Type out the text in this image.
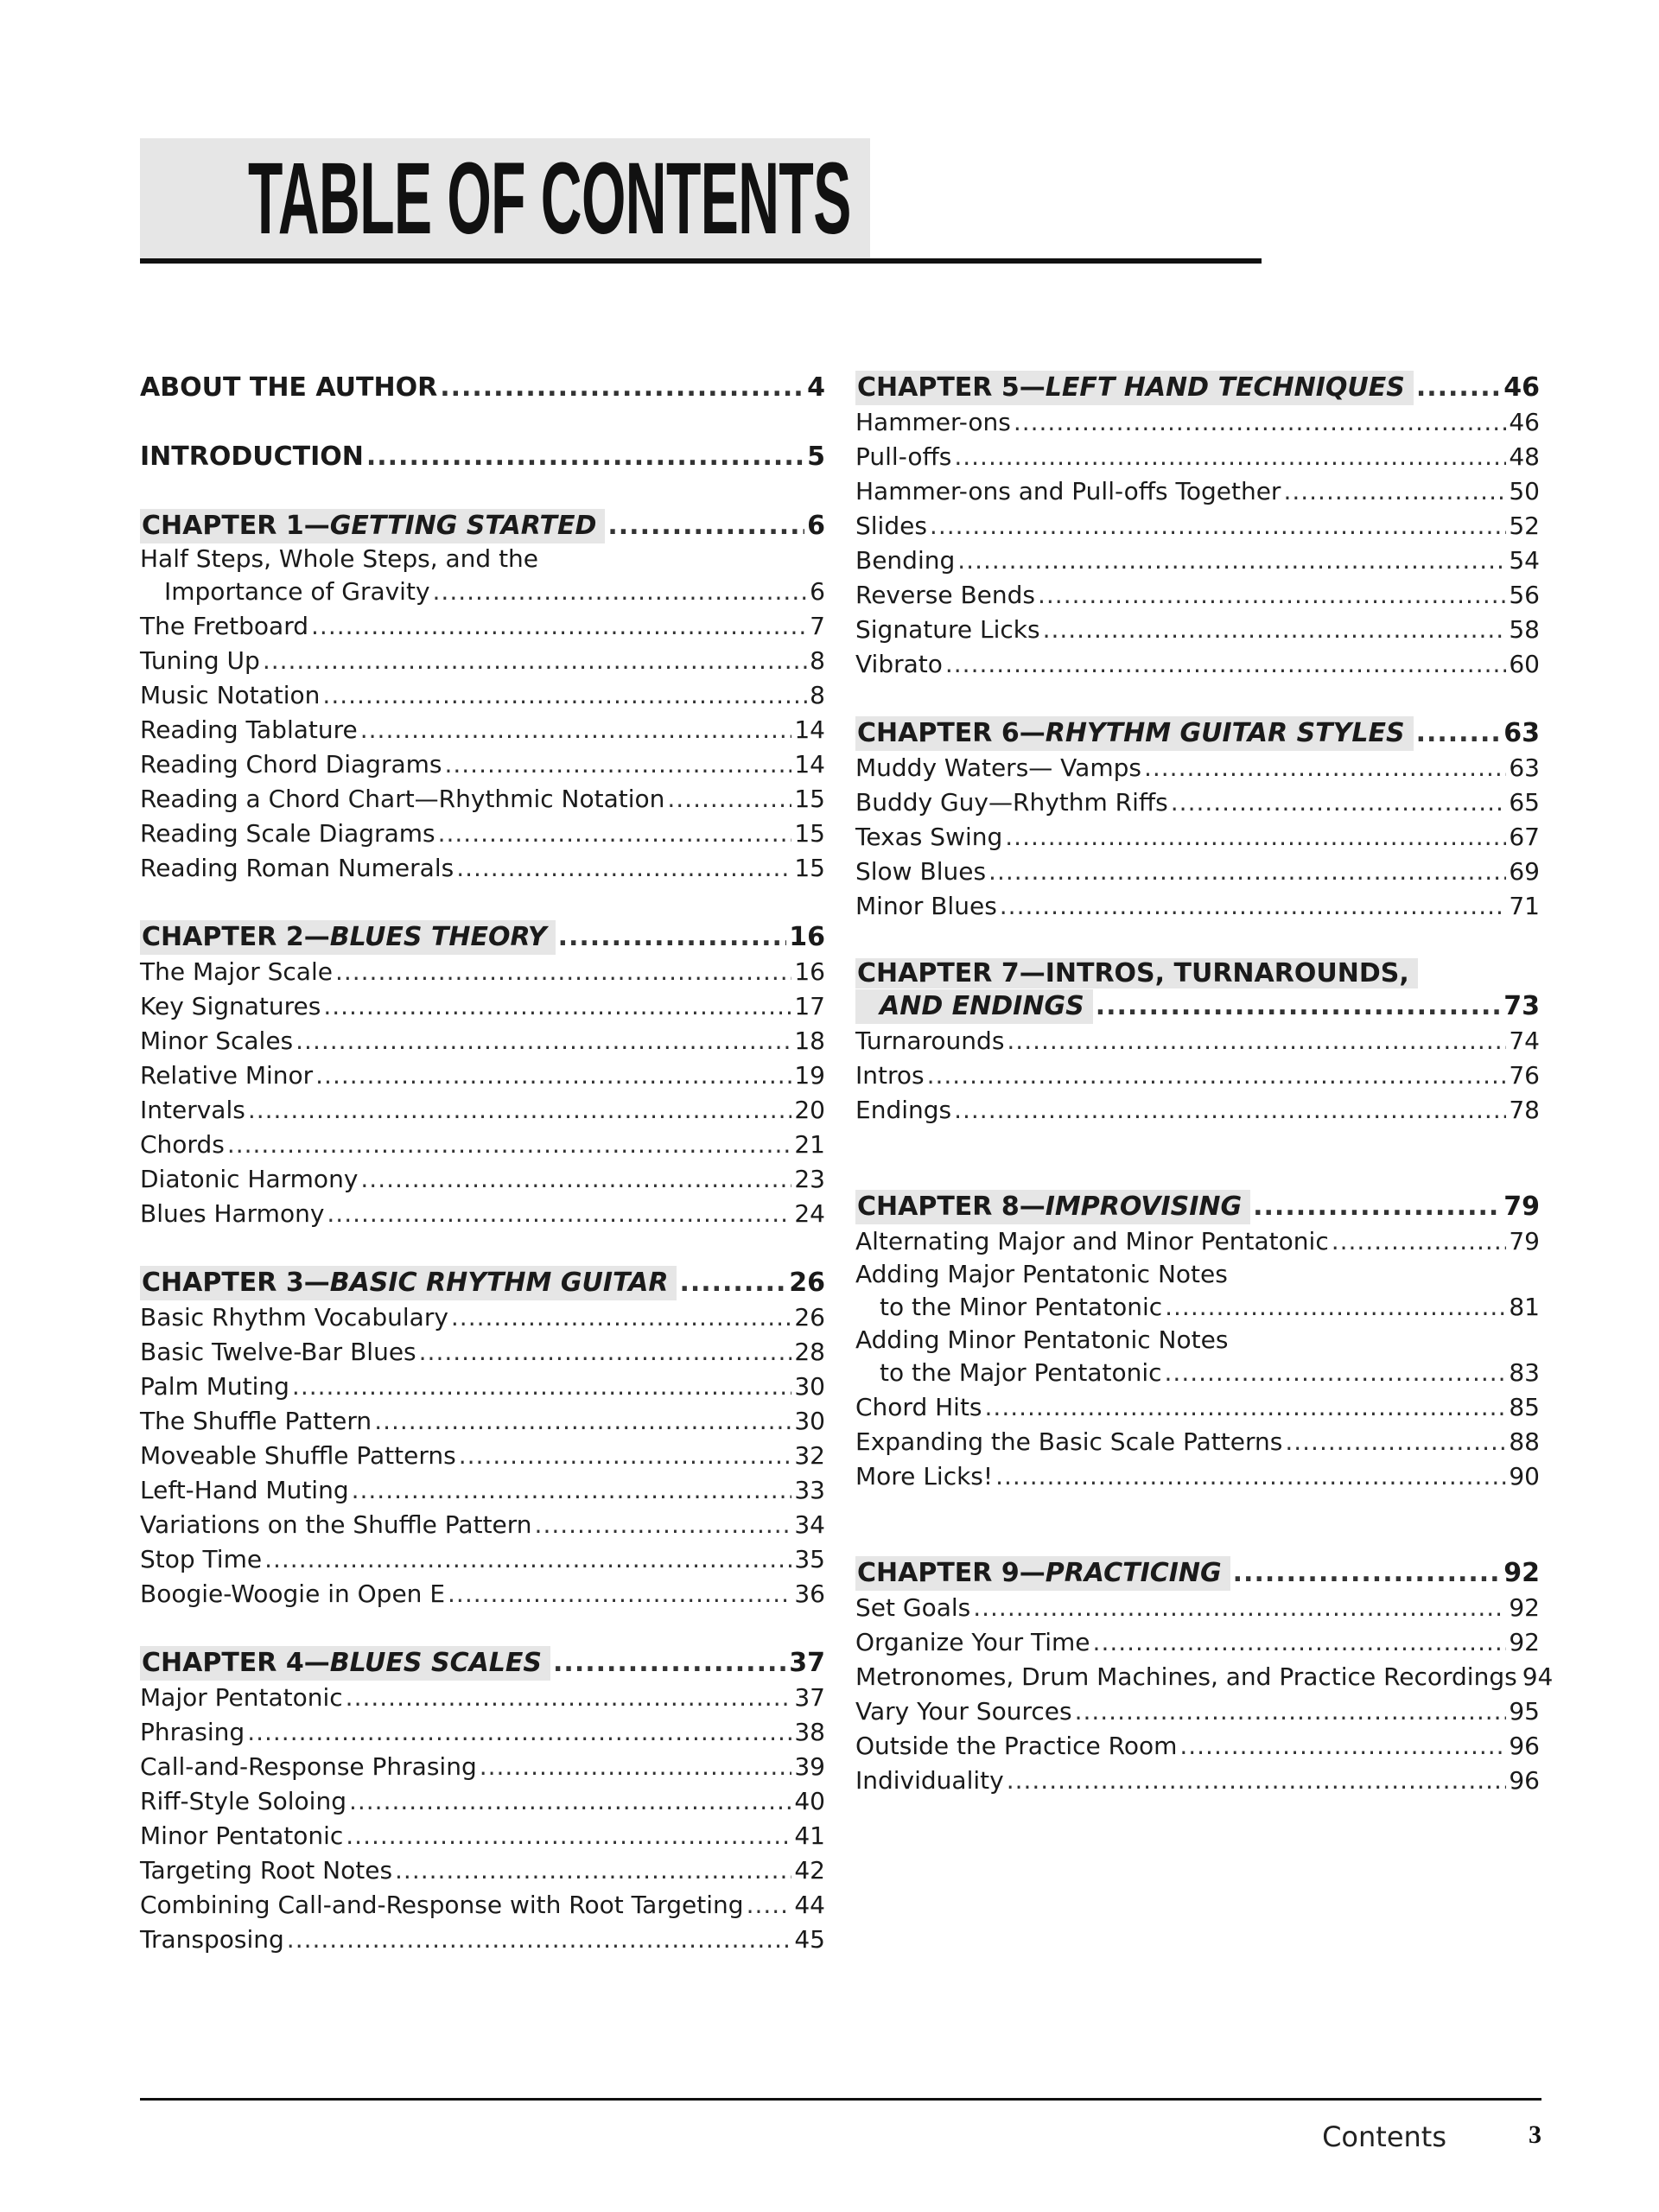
TABLE OF CONTENTS
ABOUT THE AUTHOR .....	4
INTRODUCTION .....	5
CHAPTER 1—GETTING STARTED .....	6
Half Steps, Whole Steps, and the
Importance of Gravity .....	6
The Fretboard .....	7
Tuning Up .....	8
Music Notation .....	8
Reading Tablature .....	14
Reading Chord Diagrams .....	14
Reading a Chord Chart—Rhythmic Notation .....	15
Reading Scale Diagrams .....	15
Reading Roman Numerals .....	15
CHAPTER 2—BLUES THEORY .....	16
The Major Scale .....	16
Key Signatures .....	17
Minor Scales .....	18
Relative Minor .....	19
Intervals .....	20
Chords .....	21
Diatonic Harmony .....	23
Blues Harmony .....	24
CHAPTER 3—BASIC RHYTHM GUITAR .....	26
Basic Rhythm Vocabulary .....	26
Basic Twelve-Bar Blues .....	28
Palm Muting .....	30
The Shuffle Pattern .....	30
Moveable Shuffle Patterns .....	32
Left-Hand Muting .....	33
Variations on the Shuffle Pattern .....	34
Stop Time .....	35
Boogie-Woogie in Open E .....	36
CHAPTER 4—BLUES SCALES .....	37
Major Pentatonic .....	37
Phrasing .....	38
Call-and-Response Phrasing .....	39
Riff-Style Soloing .....	40
Minor Pentatonic .....	41
Targeting Root Notes .....	42
Combining Call-and-Response with Root Targeting ..... 44
Transposing .....	45
CHAPTER 5—LEFT HAND TECHNIQUES .....	46
Hammer-ons .....	46
Pull-offs .....	48
Hammer-ons and Pull-offs Together .....	50
Slides .....	52
Bending .....	54
Reverse Bends .....	56
Signature Licks .....	58
Vibrato .....	60
CHAPTER 6—RHYTHM GUITAR STYLES .....	63
Muddy Waters— Vamps .....	63
Buddy Guy—Rhythm Riffs .....	65
Texas Swing .....	67
Slow Blues .....	69
Minor Blues .....	71
CHAPTER 7—INTROS, TURNAROUNDS,
AND ENDINGS .....	73
Turnarounds .....	74
Intros .....	76
Endings .....	78
CHAPTER 8—IMPROVISING .....	79
Alternating Major and Minor Pentatonic .....	79
Adding Major Pentatonic Notes
to the Minor Pentatonic .....	81
Adding Minor Pentatonic Notes
to the Major Pentatonic .....	83
Chord Hits .....	85
Expanding the Basic Scale Patterns .....	88
More Licks! .....	90
CHAPTER 9—PRACTICING .....	92
Set Goals .....	92
Organize Your Time .....	92
Metronomes, Drum Machines, and Practice Recordings 94
Vary Your Sources .....	95
Outside the Practice Room .....	96
Individuality .....	96
Contents	3
